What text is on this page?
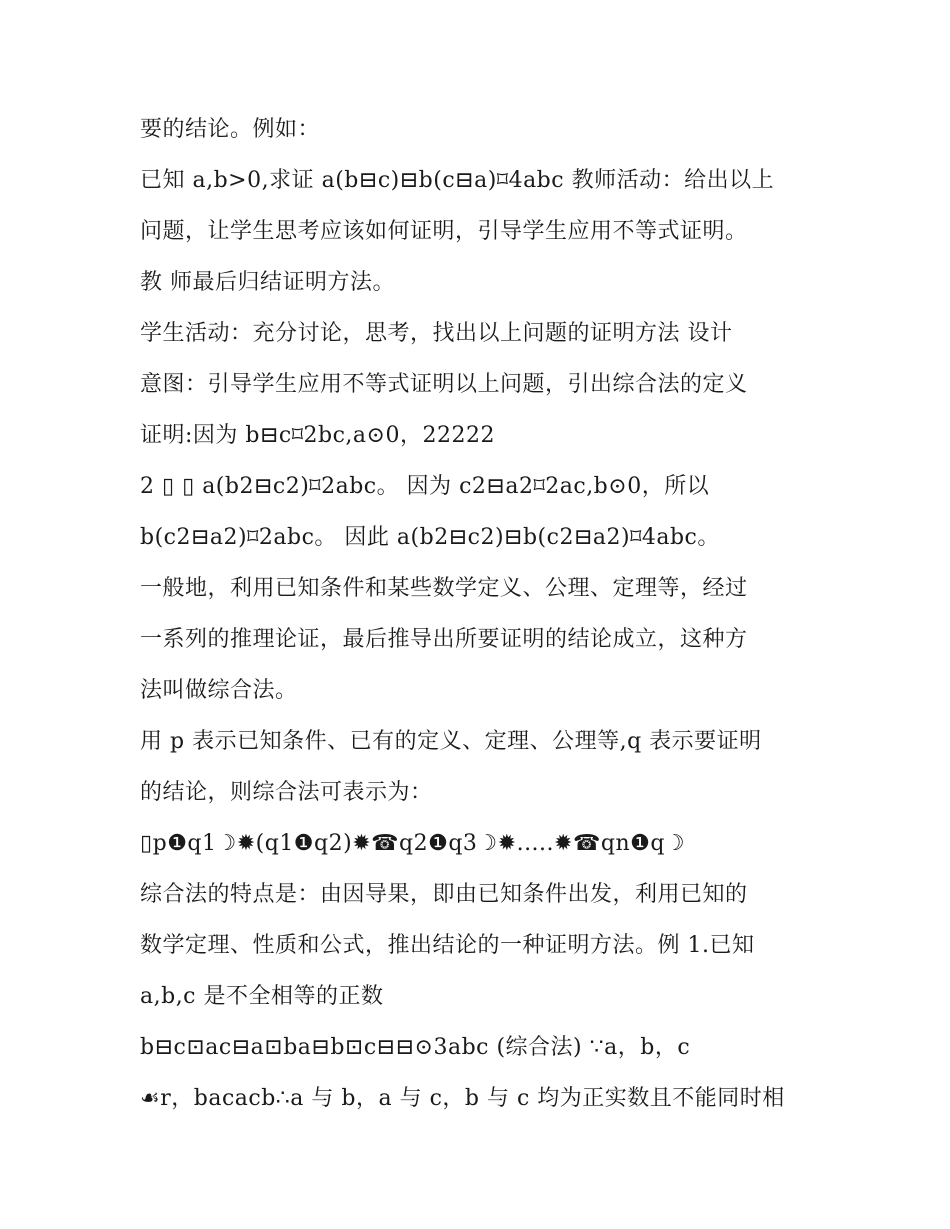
要的结论。例如：
已知 a,b>0,求证 a(b⊟c)⊟b(c⊟a)⌑4abc 教师活动：给出以上
问题，让学生思考应该如何证明，引导学生应用不等式证明。
教 师最后归结证明方法。
学生活动：充分讨论，思考，找出以上问题的证明方法 设计
意图：引导学生应用不等式证明以上问题，引出综合法的定义
证明:因为 b⊟c⌑2bc,a⊙0，22222
2 ▯ ▯ a(b2⊟c2)⌑2abc。 因为 c2⊟a2⌑2ac,b⊙0，所以
b(c2⊟a2)⌑2abc。 因此 a(b2⊟c2)⊟b(c2⊟a2)⌑4abc。
一般地，利用已知条件和某些数学定义、公理、定理等，经过
一系列的推理论证，最后推导出所要证明的结论成立，这种方
法叫做综合法。
用 p 表示已知条件、已有的定义、定理、公理等,q 表示要证明
的结论，则综合法可表示为：
▯p❶q1☽✹(q1❶q2)✹☎q2❶q3☽✹.....✹☎qn❶q☽
综合法的特点是：由因导果，即由已知条件出发，利用已知的
数学定理、性质和公式，推出结论的一种证明方法。例 1.已知
a,b,c 是不全相等的正数
b⊟c⊡ac⊟a⊡ba⊟b⊡c⊟⊟⊙3abc (综合法) ∵a，b，c
☙r，bacacb∴a 与 b，a 与 c，b 与 c 均为正实数且不能同时相
